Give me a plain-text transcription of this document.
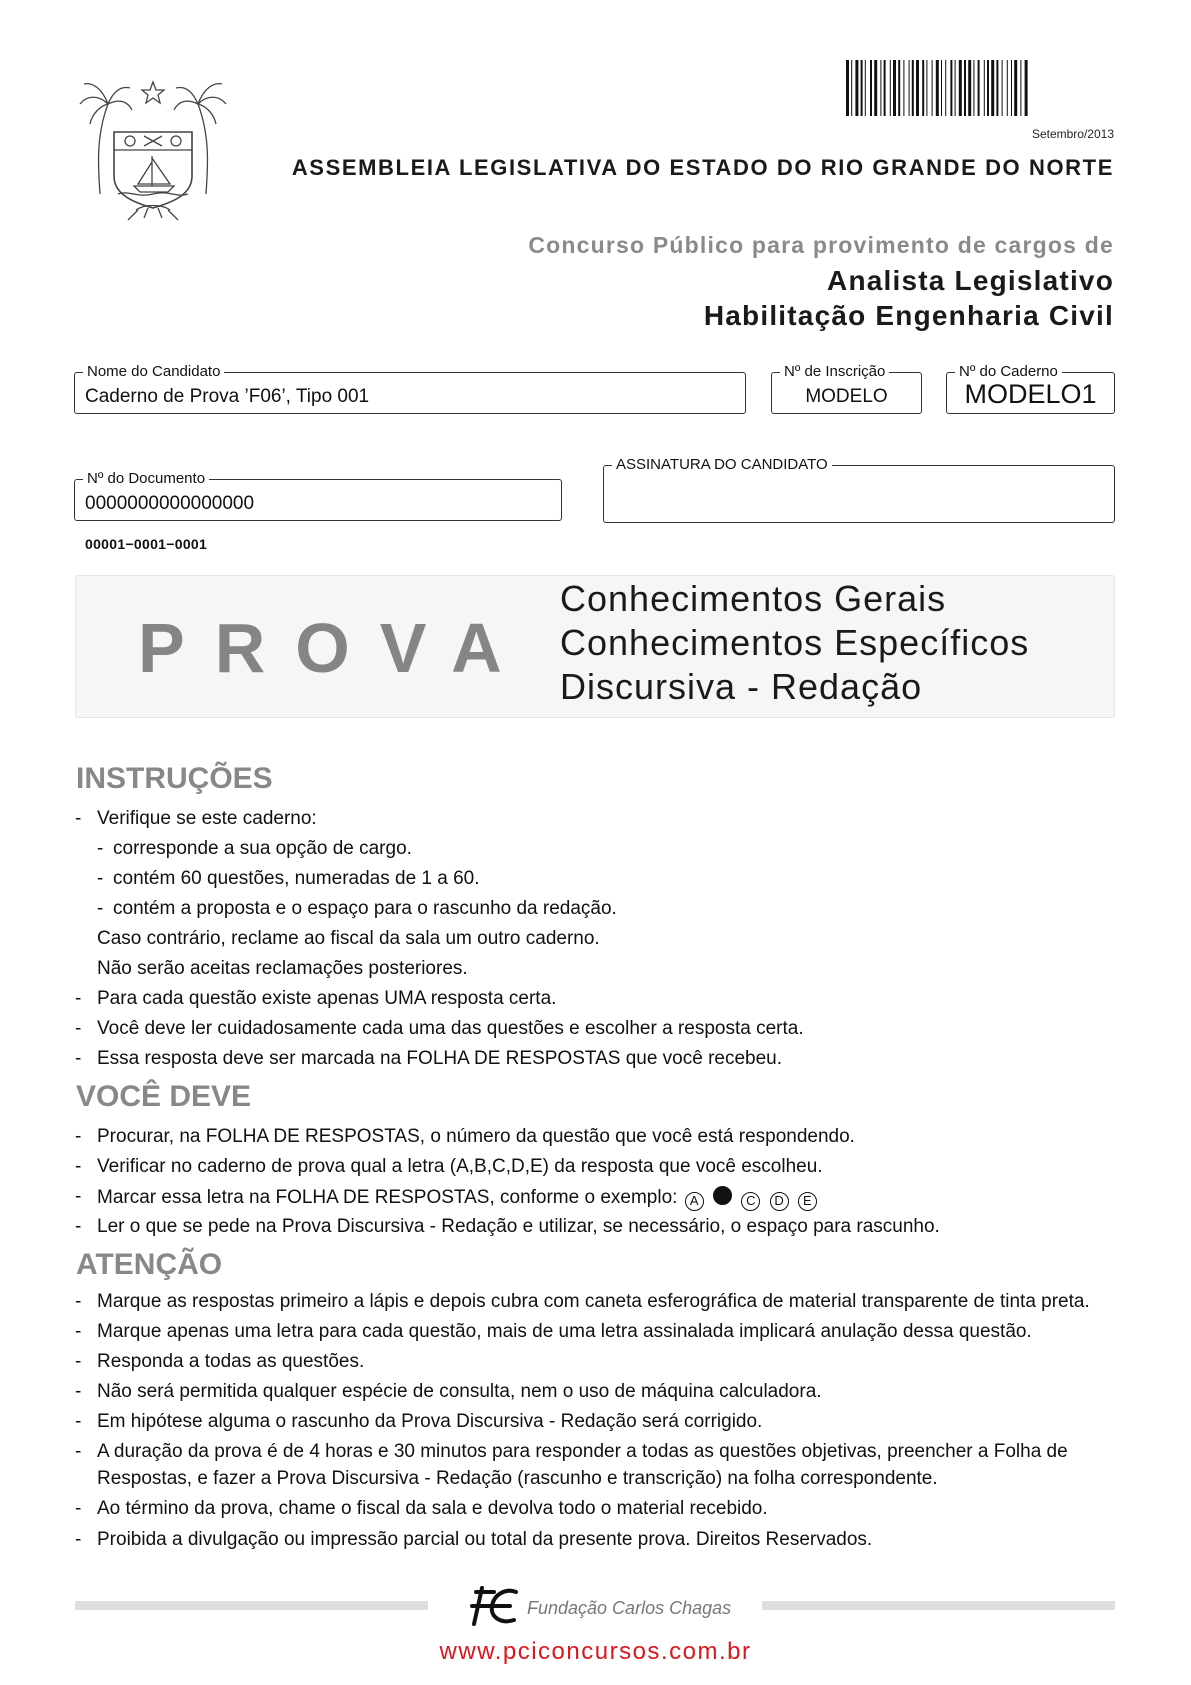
Setembro/2013
ASSEMBLEIA LEGISLATIVA DO ESTADO DO RIO GRANDE DO NORTE
Concurso Público para provimento de cargos de
Analista Legislativo
Habilitação Engenharia Civil
Nome do Candidato
Caderno de Prova ’F06’, Tipo 001
Nº de Inscrição
MODELO
Nº do Caderno
MODELO1
Nº do Documento
0000000000000000
ASSINATURA DO CANDIDATO
00001−0001−0001
PROVA
Conhecimentos Gerais
Conhecimentos Específicos
Discursiva - Redação
INSTRUÇÕES
- Verifique se este caderno:
- corresponde a sua opção de cargo.
- contém 60 questões, numeradas de 1 a 60.
- contém a proposta e o espaço para o rascunho da redação.
Caso contrário, reclame ao fiscal da sala um outro caderno.
Não serão aceitas reclamações posteriores.
- Para cada questão existe apenas UMA resposta certa.
- Você deve ler cuidadosamente cada uma das questões e escolher a resposta certa.
- Essa resposta deve ser marcada na FOLHA DE RESPOSTAS que você recebeu.
VOCÊ DEVE
- Procurar, na FOLHA DE RESPOSTAS, o número da questão que você está respondendo.
- Verificar no caderno de prova qual a letra (A,B,C,D,E) da resposta que você escolheu.
- Marcar essa letra na FOLHA DE RESPOSTAS, conforme o exemplo: A	C D E
- Ler o que se pede na Prova Discursiva - Redação e utilizar, se necessário, o espaço para rascunho.
ATENÇÃO
- Marque as respostas primeiro a lápis e depois cubra com caneta esferográfica de material transparente de tinta preta.
- Marque apenas uma letra para cada questão, mais de uma letra assinalada implicará anulação dessa questão.
- Responda a todas as questões.
- Não será permitida qualquer espécie de consulta, nem o uso de máquina calculadora.
- Em hipótese alguma o rascunho da Prova Discursiva - Redação será corrigido.
- A duração da prova é de 4 horas e 30 minutos para responder a todas as questões objetivas, preencher a Folha de
Respostas, e fazer a Prova Discursiva - Redação (rascunho e transcrição) na folha correspondente.
- Ao término da prova, chame o fiscal da sala e devolva todo o material recebido.
- Proibida a divulgação ou impressão parcial ou total da presente prova. Direitos Reservados.
Fundação Carlos Chagas
www.pciconcursos.com.br
